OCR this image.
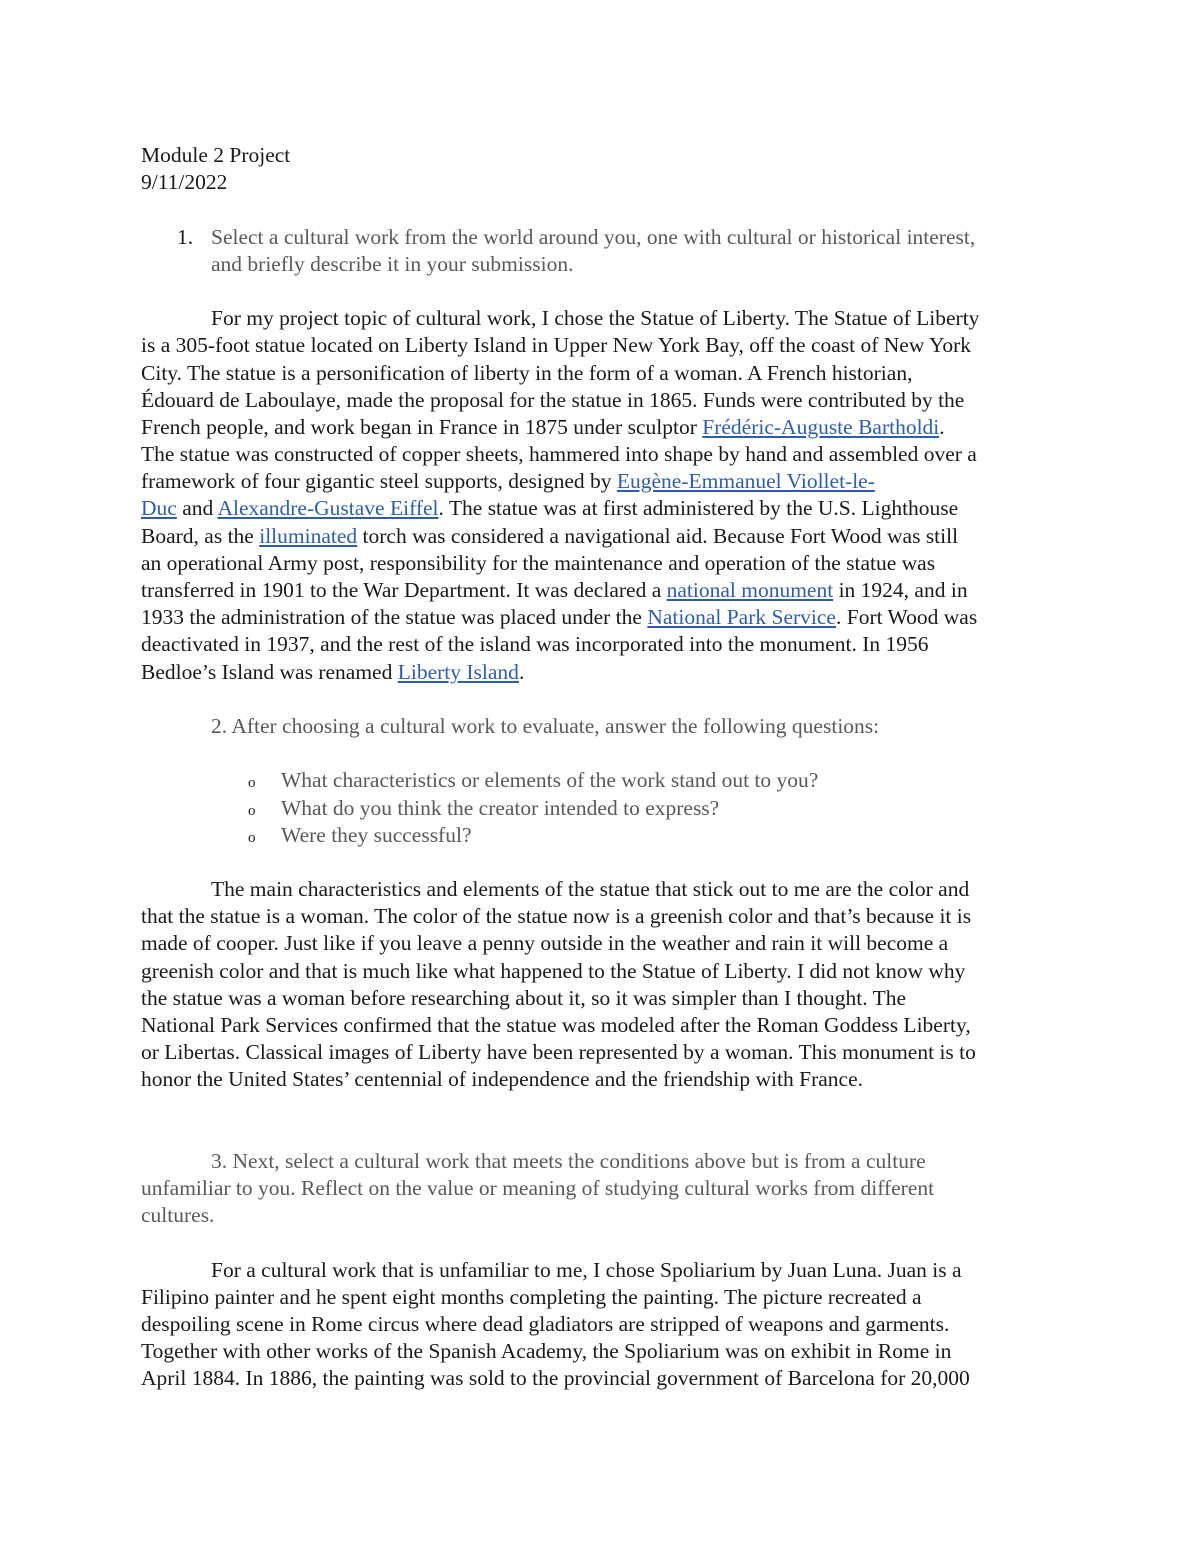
Module 2 Project
9/11/2022
1. Select a cultural work from the world around you, one with cultural or historical interest,
and briefly describe it in your submission.
For my project topic of cultural work, I chose the Statue of Liberty. The Statue of Liberty
is a 305-foot statue located on Liberty Island in Upper New York Bay, off the coast of New York
City. The statue is a personification of liberty in the form of a woman. A French historian,
Édouard de Laboulaye, made the proposal for the statue in 1865. Funds were contributed by the
French people, and work began in France in 1875 under sculptor Frédéric-Auguste Bartholdi.
The statue was constructed of copper sheets, hammered into shape by hand and assembled over a
framework of four gigantic steel supports, designed by Eugène-Emmanuel Viollet-le-
Duc and Alexandre-Gustave Eiffel. The statue was at first administered by the U.S. Lighthouse
Board, as the illuminated torch was considered a navigational aid. Because Fort Wood was still
an operational Army post, responsibility for the maintenance and operation of the statue was
transferred in 1901 to the War Department. It was declared a national monument in 1924, and in
1933 the administration of the statue was placed under the National Park Service. Fort Wood was
deactivated in 1937, and the rest of the island was incorporated into the monument. In 1956
Bedloe’s Island was renamed Liberty Island.
2. After choosing a cultural work to evaluate, answer the following questions:
o What characteristics or elements of the work stand out to you?
o What do you think the creator intended to express?
o Were they successful?
The main characteristics and elements of the statue that stick out to me are the color and
that the statue is a woman. The color of the statue now is a greenish color and that’s because it is
made of cooper. Just like if you leave a penny outside in the weather and rain it will become a
greenish color and that is much like what happened to the Statue of Liberty. I did not know why
the statue was a woman before researching about it, so it was simpler than I thought. The
National Park Services confirmed that the statue was modeled after the Roman Goddess Liberty,
or Libertas. Classical images of Liberty have been represented by a woman. This monument is to
honor the United States’ centennial of independence and the friendship with France.
3. Next, select a cultural work that meets the conditions above but is from a culture
unfamiliar to you. Reflect on the value or meaning of studying cultural works from different
cultures.
For a cultural work that is unfamiliar to me, I chose Spoliarium by Juan Luna. Juan is a
Filipino painter and he spent eight months completing the painting. The picture recreated a
despoiling scene in Rome circus where dead gladiators are stripped of weapons and garments.
Together with other works of the Spanish Academy, the Spoliarium was on exhibit in Rome in
April 1884. In 1886, the painting was sold to the provincial government of Barcelona for 20,000
